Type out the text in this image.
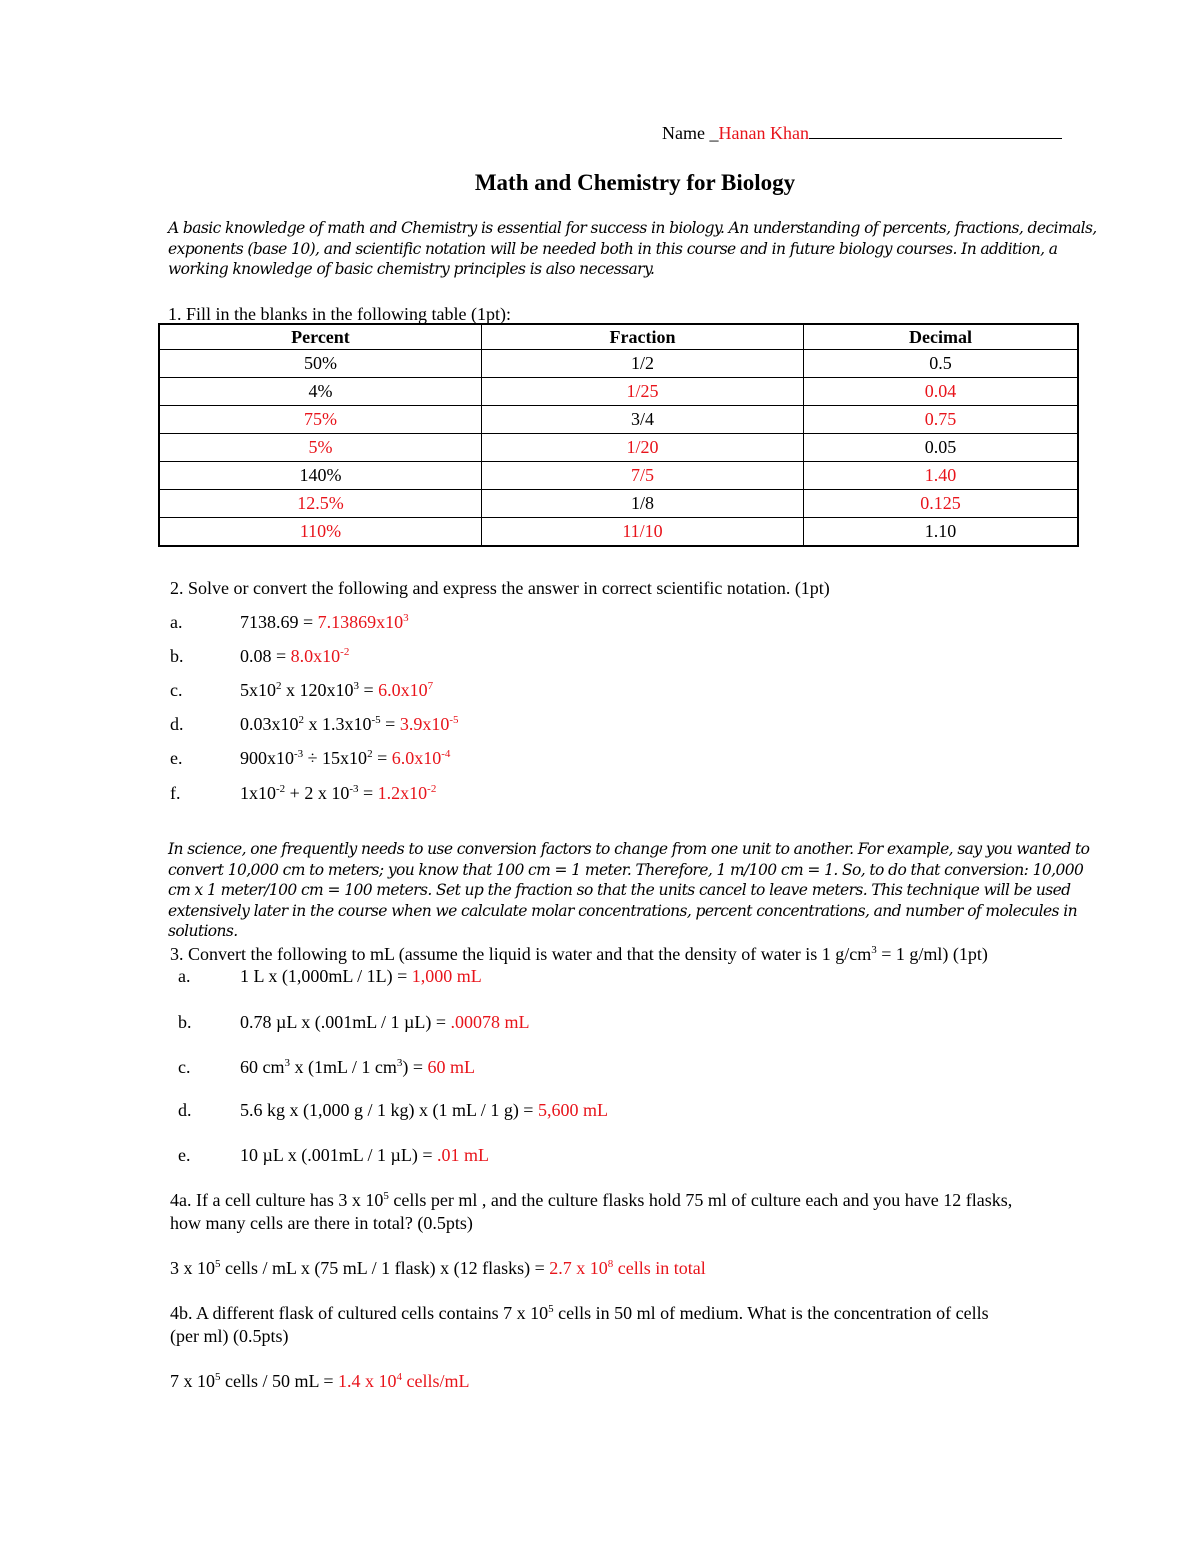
Name _Hanan Khan
Math and Chemistry for Biology
A basic knowledge of math and Chemistry is essential for success in biology. An understanding of percents, fractions, decimals, exponents (base 10), and scientific notation will be needed both in this course and in future biology courses. In addition, a working knowledge of basic chemistry principles is also necessary.
1. Fill in the blanks in the following table (1pt):
Percent	Fraction	Decimal
50%	1/2	0.5
4%	1/25	0.04
75%	3/4	0.75
5%	1/20	0.05
140%	7/5	1.40
12.5%	1/8	0.125
110%	11/10	1.10
2. Solve or convert the following and express the answer in correct scientific notation. (1pt)
a.	$7138.69 = 7.13869x10^3$
b.	$0.08 = 8.0x10^{-2}$
c.	$5x10^2$ x $120x10^3 = 6.0x10^7$
d.	$0.03x10^2$ x $1.3x10^{-5} = 3.9x10^{-5}$
e.	$900x10^{-3} \div 15x10^2 = 6.0x10^{-4}$
f.	$1x10^{-2} + 2$ x $10^{-3} = 1.2x10^{-2}$
In science, one frequently needs to use conversion factors to change from one unit to another. For example, say you wanted to convert 10,000 cm to meters; you know that 100 cm = 1 meter. Therefore, 1 m/100 cm = 1. So, to do that conversion: 10,000 cm x 1 meter/100 cm = 100 meters. Set up the fraction so that the units cancel to leave meters. This technique will be used extensively later in the course when we calculate molar concentrations, percent concentrations, and number of molecules in solutions.
3. Convert the following to mL (assume the liquid is water and that the density of water is 1 $g/cm^3 = 1$ g/ml) (1pt)
a.	1 L x (1,000mL / 1L) = 1,000 mL
b.	0.78 µL x (.001mL / 1 µL) = .00078 mL
c.	60 $cm^3$ x (1mL / 1 $cm^3) = 60$ mL
d.	5.6 kg x (1,000 g / 1 kg) x (1 mL / 1 g) = 5,600 mL
e.	10 µL x (.001mL / 1 µL) = .01 mL
4a. If a cell culture has 3 x $10^5$ cells per ml , and the culture flasks hold 75 ml of culture each and you have 12 flasks,
how many cells are there in total? (0.5pts)
3 x $10^5$ cells / mL x (75 mL / 1 flask) x (12 flasks) = 2.7 x $10^8$ cells in total
4b. A different flask of cultured cells contains 7 x $10^5$ cells in 50 ml of medium. What is the concentration of cells
(per ml) (0.5pts)
7 x $10^5$ cells / 50 mL = 1.4 x $10^4$ cells/mL
